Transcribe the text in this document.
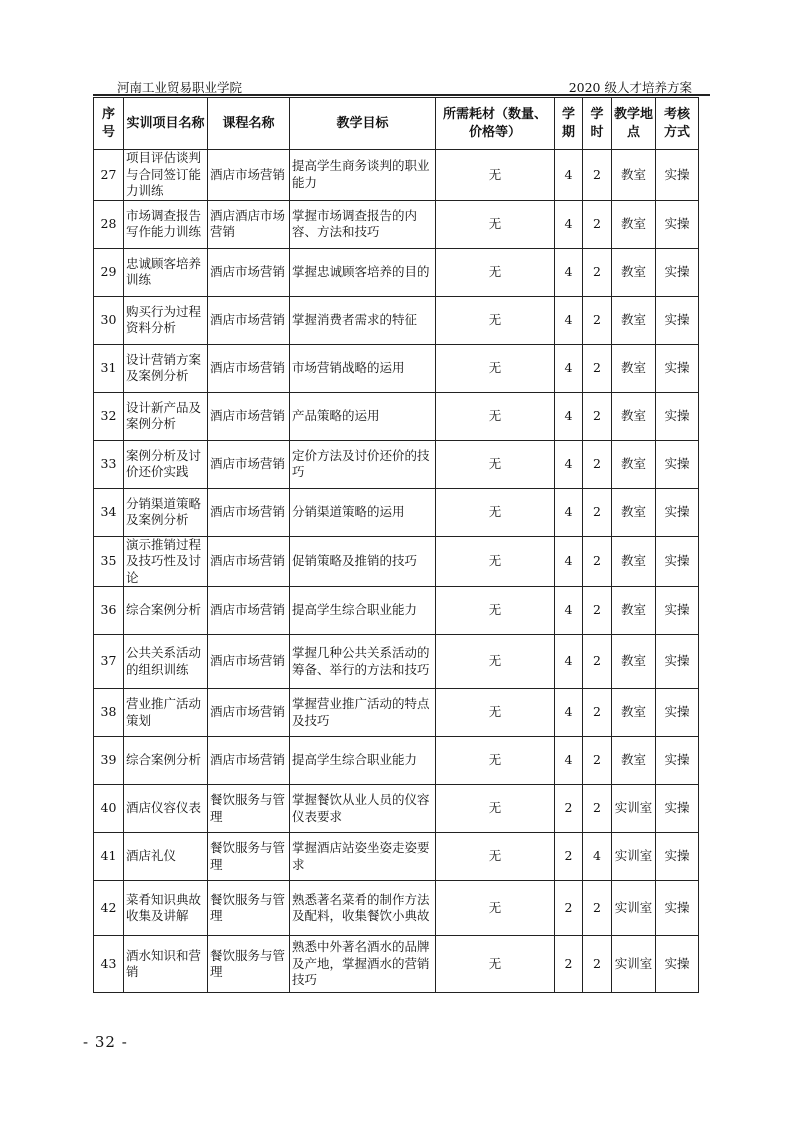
河南工业贸易职业学院	2020 级人才培养方案
序号	实训项目名称	课程名称	教学目标	所需耗材（数量、价格等）	学期	学时	教学地点	考核方式
27	项目评估谈判与合同签订能力训练	酒店市场营销	提高学生商务谈判的职业能力	无	4	2	教室	实操
28	市场调查报告写作能力训练	酒店酒店市场营销	掌握市场调查报告的内容、方法和技巧	无	4	2	教室	实操
29	忠诚顾客培养训练	酒店市场营销	掌握忠诚顾客培养的目的	无	4	2	教室	实操
30	购买行为过程资料分析	酒店市场营销	掌握消费者需求的特征	无	4	2	教室	实操
31	设计营销方案及案例分析	酒店市场营销	市场营销战略的运用	无	4	2	教室	实操
32	设计新产品及案例分析	酒店市场营销	产品策略的运用	无	4	2	教室	实操
33	案例分析及讨价还价实践	酒店市场营销	定价方法及讨价还价的技巧	无	4	2	教室	实操
34	分销渠道策略及案例分析	酒店市场营销	分销渠道策略的运用	无	4	2	教室	实操
35	演示推销过程及技巧性及讨论	酒店市场营销	促销策略及推销的技巧	无	4	2	教室	实操
36	综合案例分析	酒店市场营销	提高学生综合职业能力	无	4	2	教室	实操
37	公共关系活动的组织训练	酒店市场营销	掌握几种公共关系活动的筹备、举行的方法和技巧	无	4	2	教室	实操
38	营业推广活动策划	酒店市场营销	掌握营业推广活动的特点及技巧	无	4	2	教室	实操
39	综合案例分析	酒店市场营销	提高学生综合职业能力	无	4	2	教室	实操
40	酒店仪容仪表	餐饮服务与管理	掌握餐饮从业人员的仪容仪表要求	无	2	2	实训室	实操
41	酒店礼仪	餐饮服务与管理	掌握酒店站姿坐姿走姿要求	无	2	4	实训室	实操
42	菜肴知识典故收集及讲解	餐饮服务与管理	熟悉著名菜肴的制作方法及配料，收集餐饮小典故	无	2	2	实训室	实操
43	酒水知识和营销	餐饮服务与管理	熟悉中外著名酒水的品牌及产地，掌握酒水的营销技巧	无	2	2	实训室	实操
- 32 -
